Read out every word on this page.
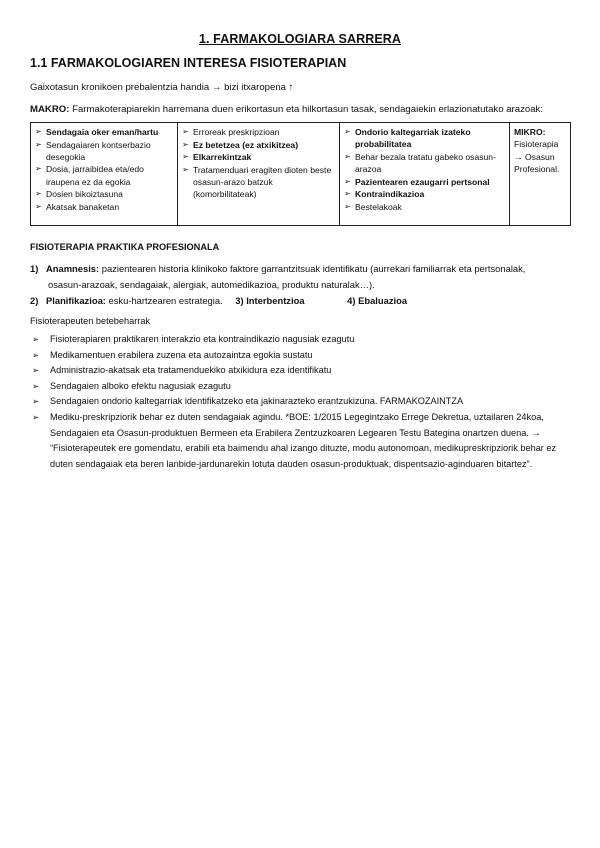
1. FARMAKOLOGIARA SARRERA
1.1 FARMAKOLOGIAREN INTERESA FISIOTERAPIAN
Gaixotasun kronikoen prebalentzia handia → bizi itxaropena ↑
MAKRO: Farmakoterapiarekin harremana duen erikortasun eta hilkortasun tasak, sendagaiekin erlazionatutako arazoak:
➢ Sendagaia oker eman/hartu
➢ Sendagaiaren kontserbazio desegokia
➢ Dosia, jarraibidea eta/edo iraupena ez da egokia
➢ Dosien bikoiztasuna
➢ Akatsak banaketan

➢ Erroreak preskripzioan
➢ Ez betetzea (ez atxikitzea)
➢ Elkarrekintzak
➢ Tratamenduari eragiten dioten beste osasun-arazo batzuk (komorbilitateak)

➢ Ondorio kaltegarriak izateko probabilitatea
➢ Behar bezala tratatu gabeko osasun-arazoa
➢ Pazientearen ezaugarri pertsonal
➢ Kontraindikazioa
➢ Bestelakoak

MIKRO:
Fisioterapia → Osasun Profesional.
FISIOTERAPIA PRAKTIKA PROFESIONALA
1) Anamnesis: pazientearen historia klinikoko faktore garrantzitsuak identifikatu (aurrekari familiarrak eta pertsonalak,
osasun-arazoak, sendagaiak, alergiak, automedikazioa, produktu naturalak…).
2) Planifikazioa: esku-hartzearen estrategia. 3) Interbentzioa	4) Ebaluazioa
Fisioterapeuten betebeharrak
➢	Fisioterapiaren praktikaren interakzio eta kontraindikazio nagusiak ezagutu
➢	Medikamentuen erabilera zuzena eta autozaintza egokia sustatu
➢	Administrazio-akatsak eta tratamenduekiko atxikidura eza identifikatu
➢	Sendagaien alboko efektu nagusiak ezagutu
➢	Sendagaien ondorio kaltegarriak identifikatzeko eta jakinarazteko erantzukizuna. FARMAKOZAINTZA
➢	Mediku-preskripziorik behar ez duten sendagaiak agindu. *BOE: 1/2015 Legegintzako Errege Dekretua, uztailaren 24koa, Sendagaien eta Osasun-produktuen Bermeen eta Erabilera Zentzuzkoaren Legearen Testu Bategina onartzen duena. → “Fisioterapeutek ere gomendatu, erabili eta baimendu ahal izango dituzte, modu autonomoan, medikupreskripziorik behar ez duten sendagaiak eta beren lanbide-jardunarekin lotuta dauden osasun-produktuak, dispentsazio-aginduaren bitartez”.
